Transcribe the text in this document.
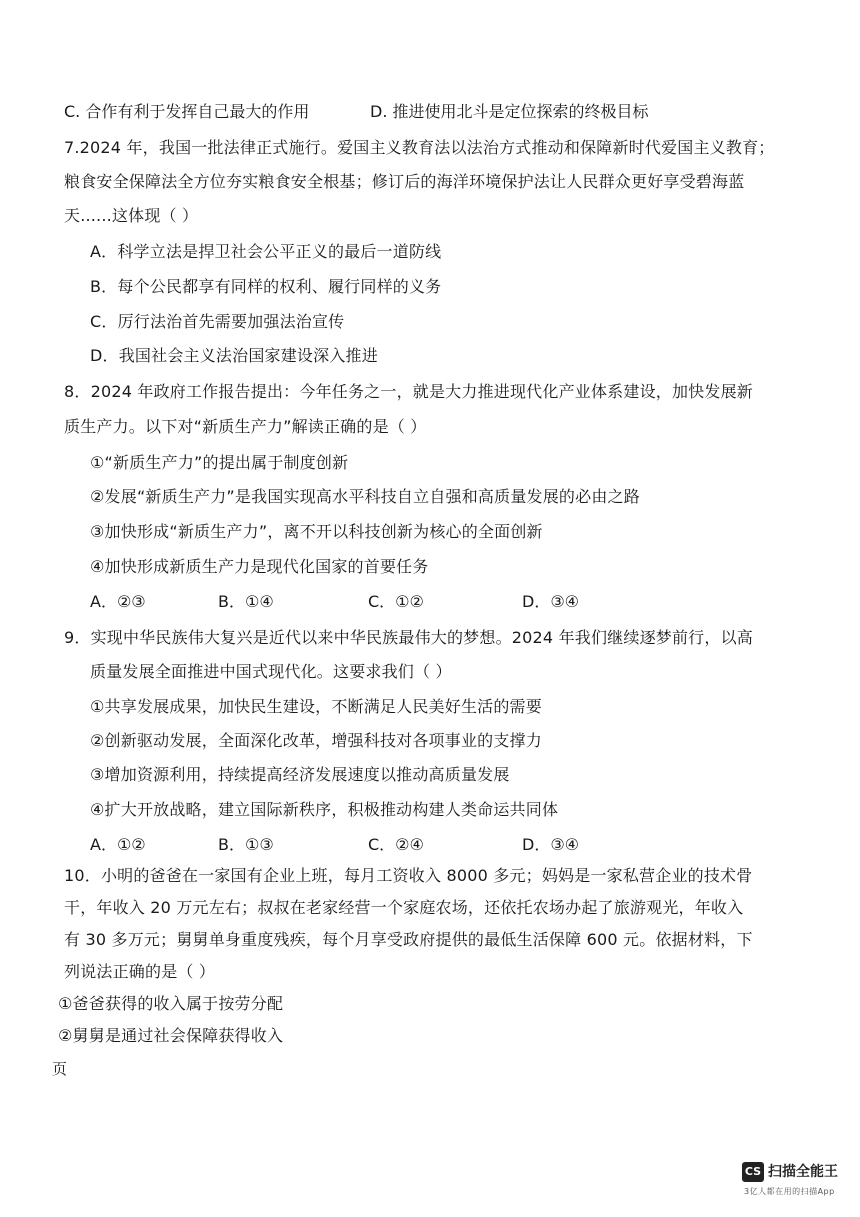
C. 合作有利于发挥自己最大的作用	D. 推进使用北斗是定位探索的终极目标
7.2024 年，我国一批法律正式施行。爱国主义教育法以法治方式推动和保障新时代爱国主义教育；
粮食安全保障法全方位夯实粮食安全根基；修订后的海洋环境保护法让人民群众更好享受碧海蓝
天......这体现（ ）
A．科学立法是捍卫社会公平正义的最后一道防线
B．每个公民都享有同样的权利、履行同样的义务
C．厉行法治首先需要加强法治宣传
D．我国社会主义法治国家建设深入推进
8．2024 年政府工作报告提出：今年任务之一，就是大力推进现代化产业体系建设，加快发展新
质生产力。以下对“新质生产力”解读正确的是（ ）
①“新质生产力”的提出属于制度创新
②发展“新质生产力”是我国实现高水平科技自立自强和高质量发展的必由之路
③加快形成“新质生产力”，离不开以科技创新为核心的全面创新
④加快形成新质生产力是现代化国家的首要任务
A．②③	B．①④	C．①②	D．③④
9．实现中华民族伟大复兴是近代以来中华民族最伟大的梦想。2024 年我们继续逐梦前行，以高
质量发展全面推进中国式现代化。这要求我们（ ）
①共享发展成果，加快民生建设，不断满足人民美好生活的需要
②创新驱动发展，全面深化改革，增强科技对各项事业的支撑力
③增加资源利用，持续提高经济发展速度以推动高质量发展
④扩大开放战略，建立国际新秩序，积极推动构建人类命运共同体
A．①②	B．①③	C．②④	D．③④
10．小明的爸爸在一家国有企业上班，每月工资收入 8000 多元；妈妈是一家私营企业的技术骨
干，年收入 20 万元左右；叔叔在老家经营一个家庭农场，还依托农场办起了旅游观光，年收入
有 30 多万元；舅舅单身重度残疾，每个月享受政府提供的最低生活保障 600 元。依据材料，下
列说法正确的是（ ）
①爸爸获得的收入属于按劳分配
②舅舅是通过社会保障获得收入
页
CS 扫描全能王
3亿人都在用的扫描App
